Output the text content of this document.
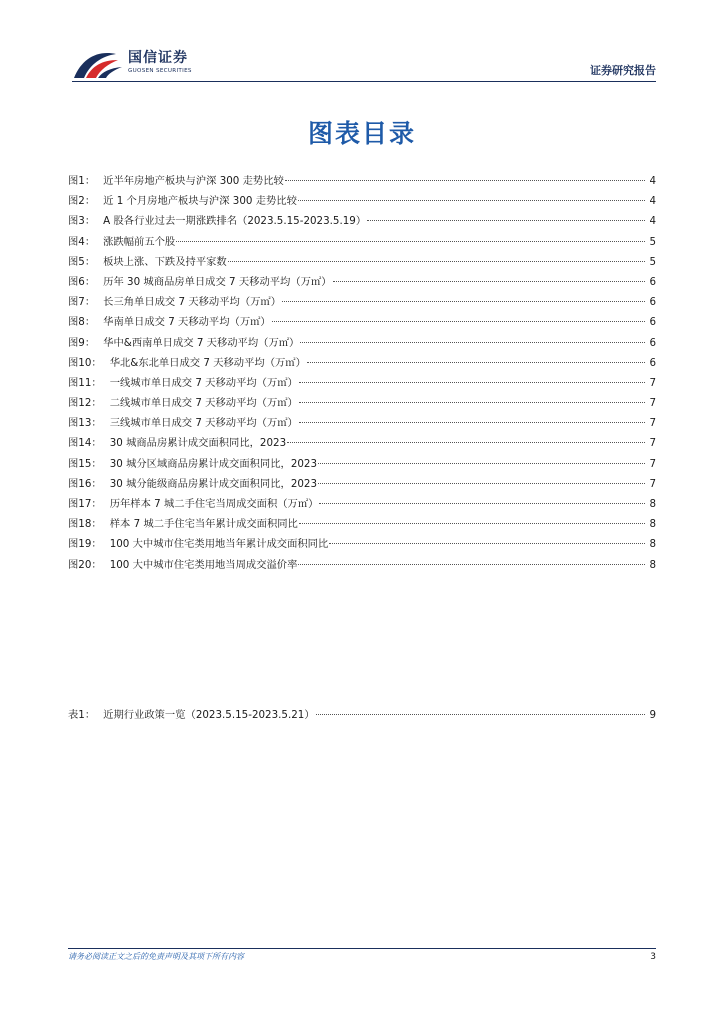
国信证券
GUOSEN SECURITIES	证券研究报告
图表目录
图1： 近半年房地产板块与沪深 300 走势比较	4
图2： 近 1 个月房地产板块与沪深 300 走势比较	4
图3： A 股各行业过去一期涨跌排名（2023.5.15-2023.5.19）	4
图4： 涨跌幅前五个股	5
图5： 板块上涨、下跌及持平家数	5
图6： 历年 30 城商品房单日成交 7 天移动平均（万㎡）	6
图7： 长三角单日成交 7 天移动平均（万㎡）	6
图8： 华南单日成交 7 天移动平均（万㎡）	6
图9： 华中&西南单日成交 7 天移动平均（万㎡）	6
图10： 华北&东北单日成交 7 天移动平均（万㎡）	6
图11： 一线城市单日成交 7 天移动平均（万㎡）	7
图12： 二线城市单日成交 7 天移动平均（万㎡）	7
图13： 三线城市单日成交 7 天移动平均（万㎡）	7
图14： 30 城商品房累计成交面积同比，2023	7
图15： 30 城分区域商品房累计成交面积同比，2023	7
图16： 30 城分能级商品房累计成交面积同比，2023	7
图17： 历年样本 7 城二手住宅当周成交面积（万㎡）	8
图18： 样本 7 城二手住宅当年累计成交面积同比	8
图19： 100 大中城市住宅类用地当年累计成交面积同比	8
图20： 100 大中城市住宅类用地当周成交溢价率	8
表1： 近期行业政策一览（2023.5.15-2023.5.21）	9
请务必阅读正文之后的免责声明及其项下所有内容	3
